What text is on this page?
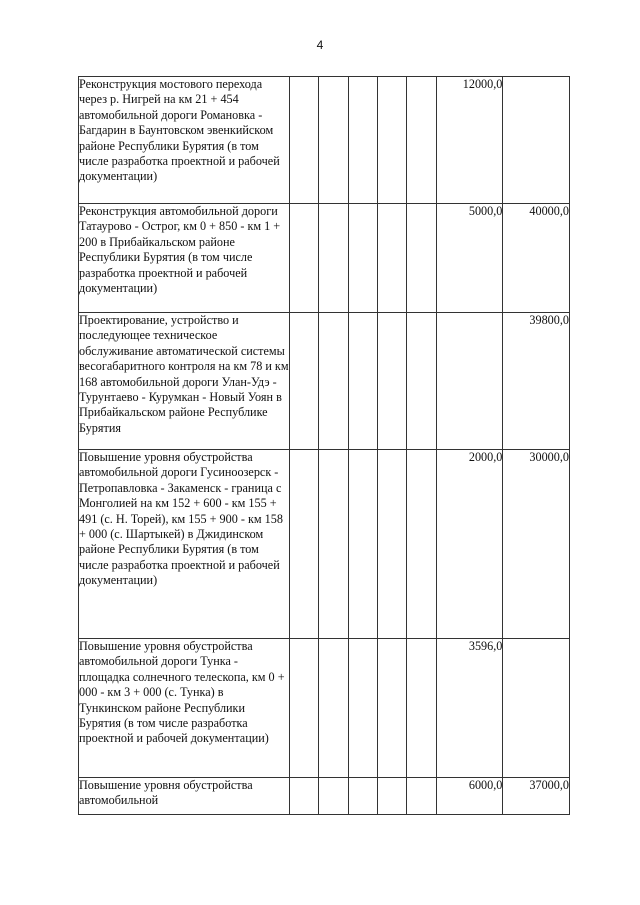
4
Реконструкция мостового перехода через р. Нигрей на км 21 + 454 автомобильной дороги Романовка - Багдарин в Баунтовском эвенкийском районе Республики Бурятия (в том числе разработка проектной и рабочей документации)						12000,0	
Реконструкция автомобильной дороги Татаурово - Острог, км 0 + 850 - км 1 + 200 в Прибайкальском районе Республики Бурятия (в том числе разработка проектной и рабочей документации)						5000,0	40000,0
Проектирование, устройство и последующее техническое обслуживание автоматической системы весогабаритного контроля на км 78 и км 168 автомобильной дороги Улан-Удэ - Турунтаево - Курумкан - Новый Уоян в Прибайкальском районе Республике Бурятия							39800,0
Повышение уровня обустройства автомобильной дороги Гусиноозерск - Петропавловка - Закаменск - граница с Монголией на км 152 + 600 - км 155 + 491 (с. Н. Торей), км 155 + 900 - км 158 + 000 (с. Шартыкей) в Джидинском районе Республики Бурятия (в том числе разработка проектной и рабочей документации)						2000,0	30000,0
Повышение уровня обустройства автомобильной дороги Тунка - площадка солнечного телескопа, км 0 + 000 - км 3 + 000 (с. Тунка) в Тункинском районе Республики Бурятия (в том числе разработка проектной и рабочей документации)						3596,0	
Повышение уровня обустройства автомобильной						6000,0	37000,0
